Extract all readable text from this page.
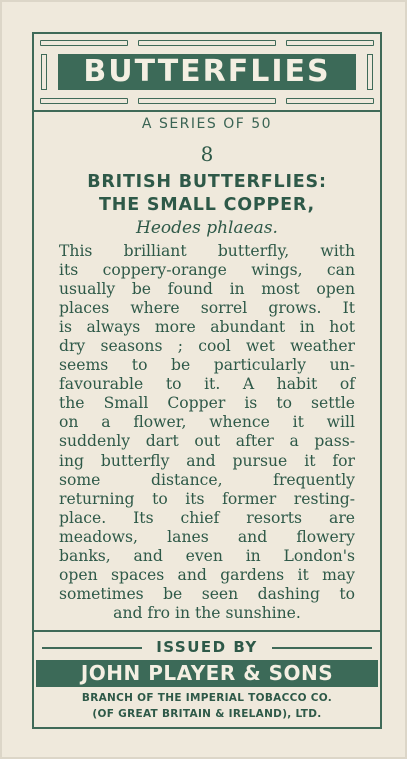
BUTTERFLIES
A SERIES OF 50
8
BRITISH BUTTERFLIES:
THE SMALL COPPER,
Heodes phlaeas.
This brilliant butterfly, with
its coppery-orange wings, can
usually be found in most open
places where sorrel grows. It
is always more abundant in hot
dry seasons ; cool wet weather
seems to be particularly un-
favourable to it. A habit of
the Small Copper is to settle
on a flower, whence it will
suddenly dart out after a pass-
ing butterfly and pursue it for
some distance, frequently
returning to its former resting-
place. Its chief resorts are
meadows, lanes and flowery
banks, and even in London's
open spaces and gardens it may
sometimes be seen dashing to
and fro in the sunshine.
ISSUED BY
JOHN PLAYER & SONS
BRANCH OF THE IMPERIAL TOBACCO CO.
(OF GREAT BRITAIN & IRELAND), LTD.
